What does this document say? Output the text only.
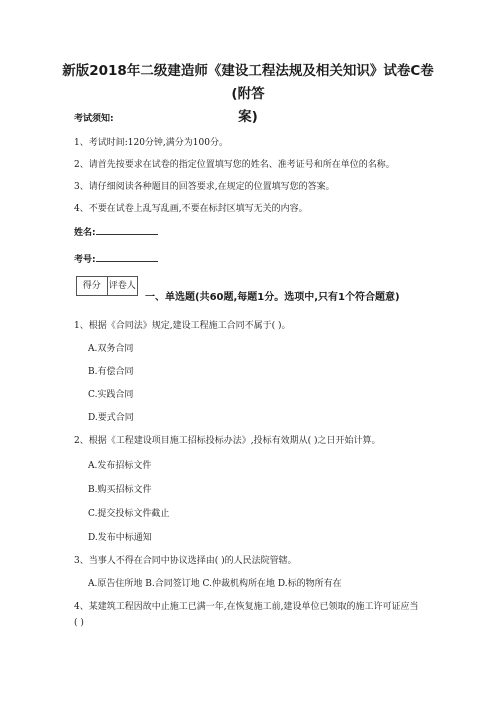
新版2018年二级建造师《建设工程法规及相关知识》试卷C卷(附答
案)
考试须知:
1、考试时间:120分钟,满分为100分。
2、请首先按要求在试卷的指定位置填写您的姓名、准考证号和所在单位的名称。
3、请仔细阅读各种题目的回答要求,在规定的位置填写您的答案。
4、不要在试卷上乱写乱画,不要在标封区填写无关的内容。
姓名:
考号:
得分 评卷人
一、单选题(共60题,每题1分。选项中,只有1个符合题意)
1、根据《合同法》规定,建设工程施工合同不属于( )。
A.双务合同
B.有偿合同
C.实践合同
D.要式合同
2、根据《工程建设项目施工招标投标办法》,投标有效期从( )之日开始计算。
A.发布招标文件
B.购买招标文件
C.提交投标文件截止
D.发布中标通知
3、当事人不得在合同中协议选择由( )的人民法院管辖。
A.原告住所地 B.合同签订地 C.仲裁机构所在地 D.标的物所有在
4、某建筑工程因故中止施工已满一年,在恢复施工前,建设单位已领取的施工许可证应当
( )
